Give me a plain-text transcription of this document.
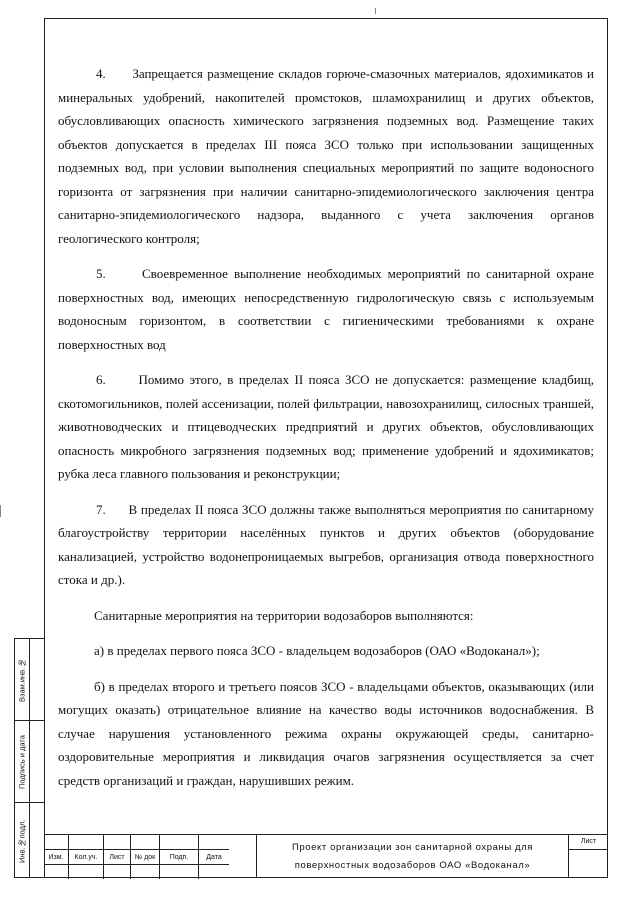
4.      Запрещается размещение складов горюче-смазочных материалов, ядохимикатов и минеральных удобрений, накопителей промстоков, шламохранилищ и других объектов, обусловливающих опасность химического загрязнения подземных вод. Размещение таких объектов допускается в пределах III пояса ЗСО только при использовании защищенных подземных вод, при условии выполнения специальных мероприятий по защите водоносного горизонта от загрязнения при наличии санитарно-эпидемиологического заключения центра санитарно-эпидемиологического надзора, выданного с учета заключения органов геологического контроля;

5.      Своевременное выполнение необходимых мероприятий по санитарной охране поверхностных вод, имеющих непосредственную гидрологическую связь с используемым водоносным горизонтом, в соответствии с гигиеническими требованиями к охране поверхностных вод

6.      Помимо этого, в пределах II пояса ЗСО не допускается: размещение кладбищ, скотомогильников, полей ассенизации, полей фильтрации, навозохранилищ, силосных траншей, животноводческих и птицеводческих предприятий и других объектов, обусловливающих опасность микробного загрязнения подземных вод; применение удобрений и ядохимикатов; рубка леса главного пользования и реконструкции;

7.      В пределах II пояса ЗСО должны также выполняться мероприятия по санитарному благоустройству территории населённых пунктов и других объектов (оборудование канализацией, устройство водонепроницаемых выгребов, организация отвода поверхностного стока и др.).

Санитарные мероприятия на территории водозаборов выполняются:

а) в пределах первого пояса ЗСО - владельцем водозаборов (ОАО «Водоканал»);

б) в пределах второго и третьего поясов ЗСО - владельцами объектов, оказывающих (или могущих оказать) отрицательное влияние на качество воды источников водоснабжения. В случае нарушения установленного режима охраны окружающей среды, санитарно-оздоровительные мероприятия и ликвидация очагов загрязнения осуществляется за счет средств организаций и граждан, нарушивших режим.

Взам.инв.№
Подпись и дата
Инв.№подл.
						Изм.	Кол.уч.	Лист	№ док	Подп.	Дата

Проект организации зон санитарной охраны для
поверхностных водозаборов ОАО «Водоканал»
Лист
